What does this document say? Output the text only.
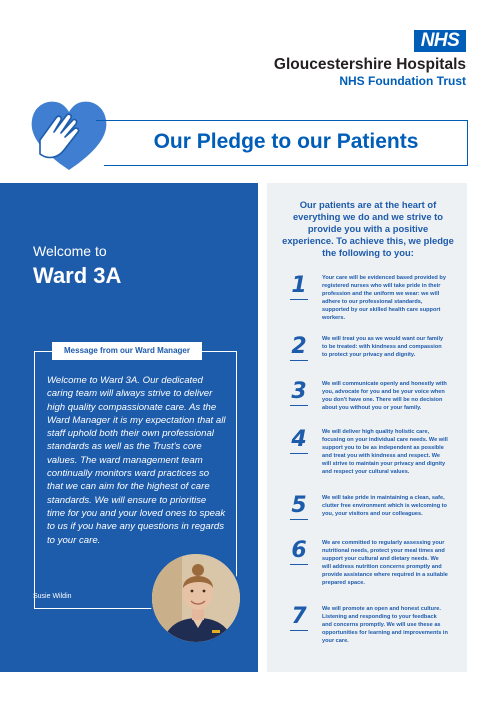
NHS
Gloucestershire Hospitals
NHS Foundation Trust
Our Pledge to our Patients
Welcome to
Ward 3A
Message from our Ward Manager
Welcome to Ward 3A. Our dedicated caring team will always strive to deliver high quality compassionate care. As the Ward Manager it is my expectation that all staff uphold both their own professional standards as well as the Trust's core values. The ward management team continually monitors ward practices so that we can aim for the highest of care standards. We will ensure to prioritise time for you and your loved ones to speak to us if you have any questions in regards to your care.
Susie Wildin
Our patients are at the heart of everything we do and we strive to provide you with a positive experience. To achieve this, we pledge the following to you:
1	Your care will be evidenced based provided by registered nurses who will take pride in their profession and the uniform we wear: we will adhere to our professional standards, supported by our skilled health care support workers.
2	We will treat you as we would want our family to be treated: with kindness and compassion to protect your privacy and dignity.
3	We will communicate openly and honestly with you, advocate for you and be your voice when you don't have one. There will be no decision about you without you or your family.
4	We will deliver high quality holistic care, focusing on your individual care needs. We will support you to be as independent as possible and treat you with kindness and respect. We will strive to maintain your privacy and dignity and respect your cultural values.
5	We will take pride in maintaining a clean, safe, clutter free environment which is welcoming to you, your visitors and our colleagues.
6	We are committed to regularly assessing your nutritional needs, protect your meal times and support your cultural and dietary needs. We will address nutrition concerns promptly and provide assistance where required in a suitable prepared space.
7	We will promote an open and honest culture. Listening and responding to your feedback and concerns promptly. We will use these as opportunities for learning and improvements in your care.
